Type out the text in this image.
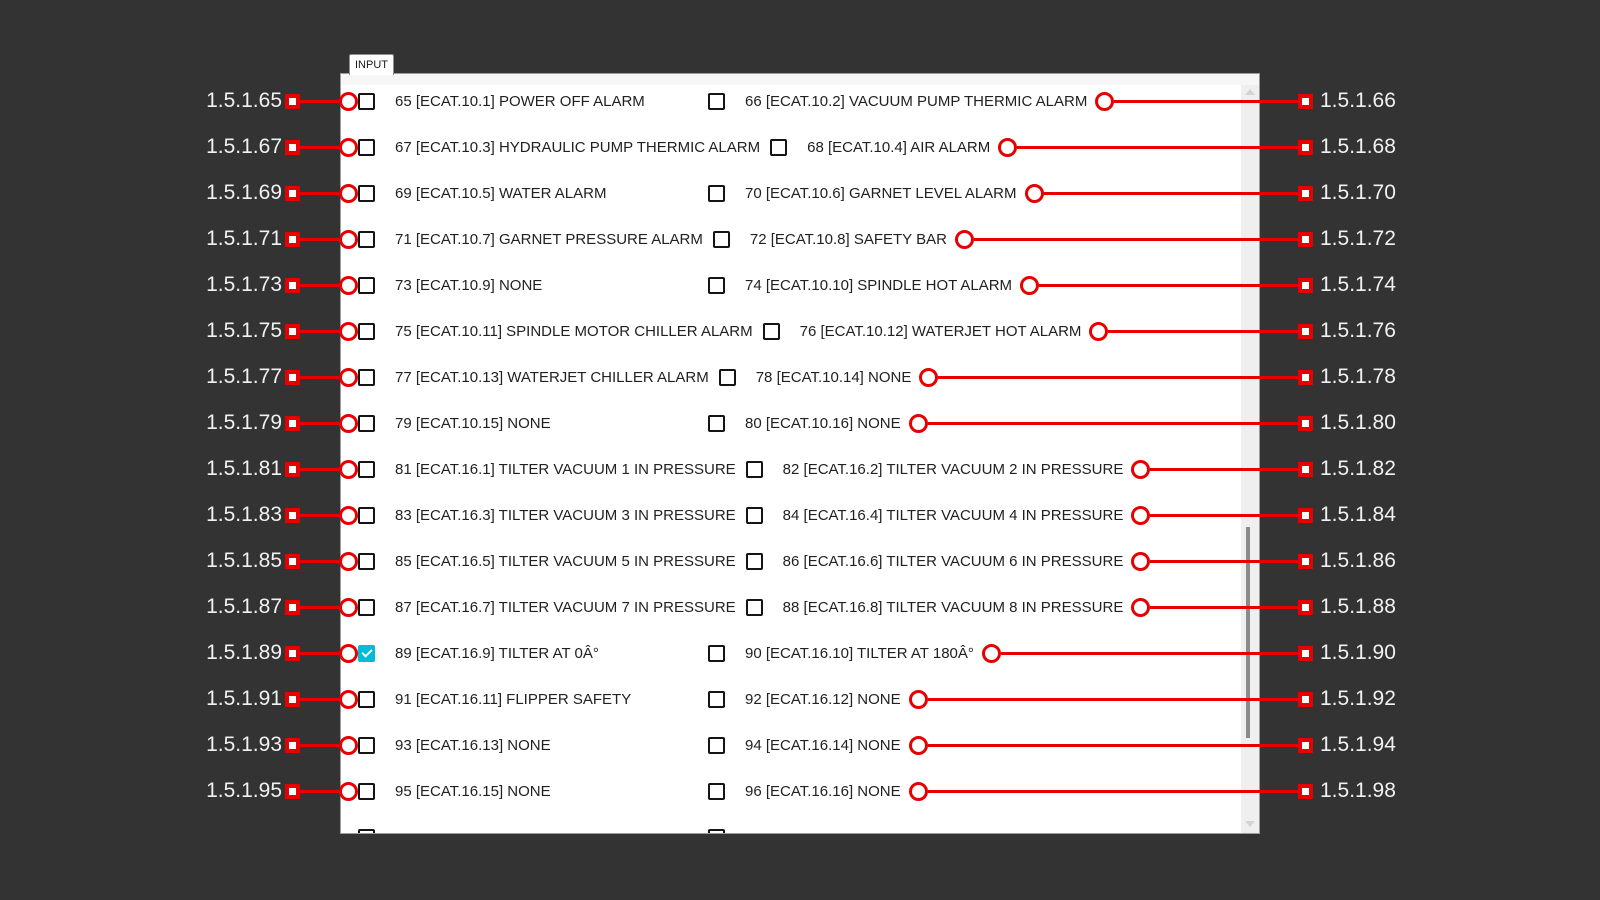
INPUT
1.5.1.65	65 [ECAT.10.1] POWER OFF ALARM	66 [ECAT.10.2] VACUUM PUMP THERMIC ALARM	1.5.1.66
1.5.1.67	67 [ECAT.10.3] HYDRAULIC PUMP THERMIC ALARM	68 [ECAT.10.4] AIR ALARM	1.5.1.68
1.5.1.69	69 [ECAT.10.5] WATER ALARM	70 [ECAT.10.6] GARNET LEVEL ALARM	1.5.1.70
1.5.1.71	71 [ECAT.10.7] GARNET PRESSURE ALARM	72 [ECAT.10.8] SAFETY BAR	1.5.1.72
1.5.1.73	73 [ECAT.10.9] NONE	74 [ECAT.10.10] SPINDLE HOT ALARM	1.5.1.74
1.5.1.75	75 [ECAT.10.11] SPINDLE MOTOR CHILLER ALARM	76 [ECAT.10.12] WATERJET HOT ALARM	1.5.1.76
1.5.1.77	77 [ECAT.10.13] WATERJET CHILLER ALARM	78 [ECAT.10.14] NONE	1.5.1.78
1.5.1.79	79 [ECAT.10.15] NONE	80 [ECAT.10.16] NONE	1.5.1.80
1.5.1.81	81 [ECAT.16.1] TILTER VACUUM 1 IN PRESSURE	82 [ECAT.16.2] TILTER VACUUM 2 IN PRESSURE	1.5.1.82
1.5.1.83	83 [ECAT.16.3] TILTER VACUUM 3 IN PRESSURE	84 [ECAT.16.4] TILTER VACUUM 4 IN PRESSURE	1.5.1.84
1.5.1.85	85 [ECAT.16.5] TILTER VACUUM 5 IN PRESSURE	86 [ECAT.16.6] TILTER VACUUM 6 IN PRESSURE	1.5.1.86
1.5.1.87	87 [ECAT.16.7] TILTER VACUUM 7 IN PRESSURE	88 [ECAT.16.8] TILTER VACUUM 8 IN PRESSURE	1.5.1.88
1.5.1.89	89 [ECAT.16.9] TILTER AT 0Â°	90 [ECAT.16.10] TILTER AT 180Â°	1.5.1.90
1.5.1.91	91 [ECAT.16.11] FLIPPER SAFETY	92 [ECAT.16.12] NONE	1.5.1.92
1.5.1.93	93 [ECAT.16.13] NONE	94 [ECAT.16.14] NONE	1.5.1.94
1.5.1.95	95 [ECAT.16.15] NONE	96 [ECAT.16.16] NONE	1.5.1.98
